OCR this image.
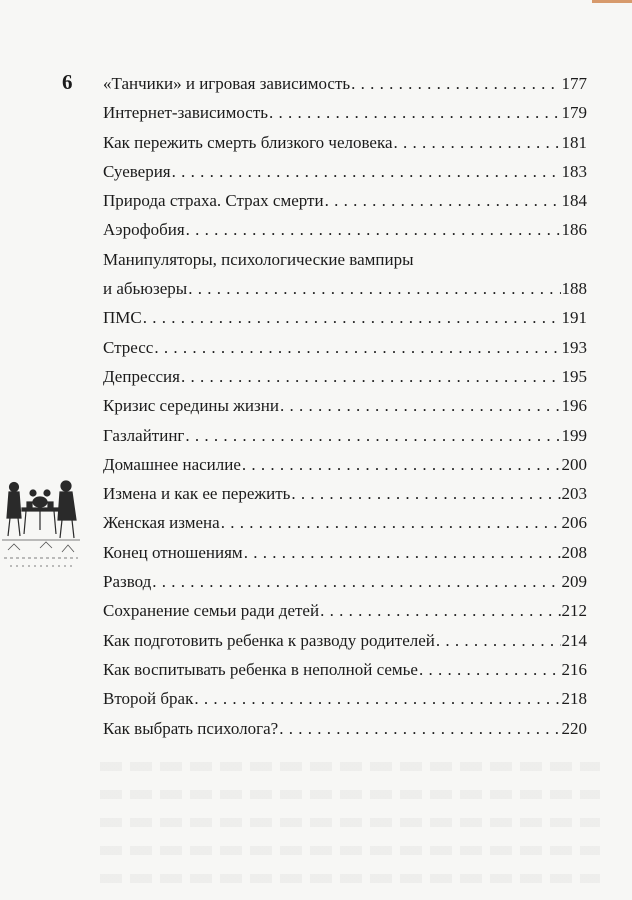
6 «Танчики» и игровая зависимость . . .	177
Интернет-зависимость . . .	179
Как пережить смерть близкого человека . . .	181
Суеверия . . .	183
Природа страха. Страх смерти . . .	184
Аэрофобия . . .	186
Манипуляторы, психологические вампиры
и абьюзеры . . .	188
ПМС . . .	191
Стресс . . .	193
Депрессия . . .	195
Кризис середины жизни . . .	196
Газлайтинг . . .	199
Домашнее насилие . . .	200
Измена и как ее пережить . . .	203
Женская измена . . .	206
Конец отношениям . . .	208
Развод . . .	209
Сохранение семьи ради детей . . .	212
Как подготовить ребенка к разводу родителей . . .	214
Как воспитывать ребенка в неполной семье . . .	216
Второй брак . . .	218
Как выбрать психолога? . . .	220
